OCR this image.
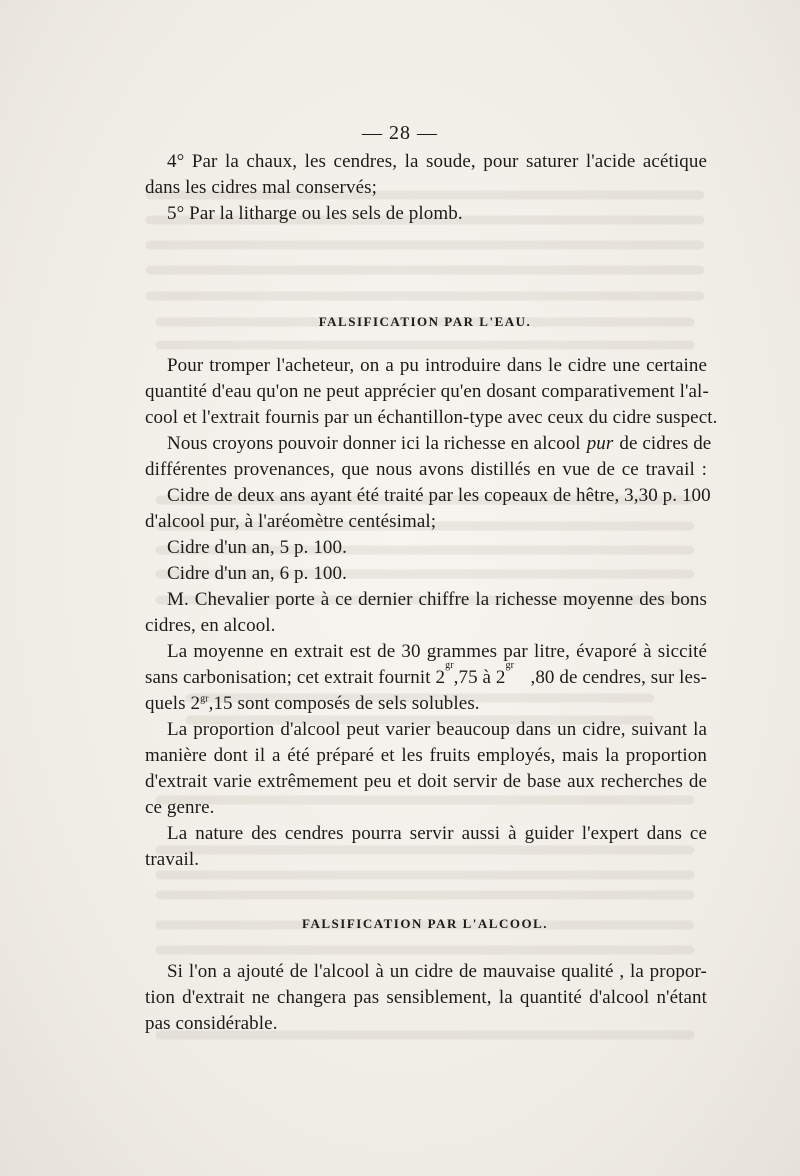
— 28 —
4° Par la chaux, les cendres, la soude, pour saturer l'acide acétique
dans les cidres mal conservés;
5° Par la litharge ou les sels de plomb.
FALSIFICATION PAR L'EAU.
Pour tromper l'acheteur, on a pu introduire dans le cidre une certaine
quantité d'eau qu'on ne peut apprécier qu'en dosant comparativement l'al-
cool et l'extrait fournis par un échantillon-type avec ceux du cidre suspect.
Nous croyons pouvoir donner ici la richesse en alcool pur de cidres de
différentes provenances, que nous avons distillés en vue de ce travail :
Cidre de deux ans ayant été traité par les copeaux de hêtre, 3,30 p. 100
d'alcool pur, à l'aréomètre centésimal;
Cidre d'un an, 5 p. 100.
Cidre d'un an, 6 p. 100.
M. Chevalier porte à ce dernier chiffre la richesse moyenne des bons
cidres, en alcool.
La moyenne en extrait est de 30 grammes par litre, évaporé à siccité
sans carbonisation; cet extrait fournit 2
gr
,75 à 2
gr
,80 de cendres, sur les-
quels $2^{gr},15$ sont composés de sels solubles.
La proportion d'alcool peut varier beaucoup dans un cidre, suivant la
manière dont il a été préparé et les fruits employés, mais la proportion
d'extrait varie extrêmement peu et doit servir de base aux recherches de
ce genre.
La nature des cendres pourra servir aussi à guider l'expert dans ce
travail.
FALSIFICATION PAR L'ALCOOL.
Si l'on a ajouté de l'alcool à un cidre de mauvaise qualité , la propor-
tion d'extrait ne changera pas sensiblement, la quantité d'alcool n'étant
pas considérable.
